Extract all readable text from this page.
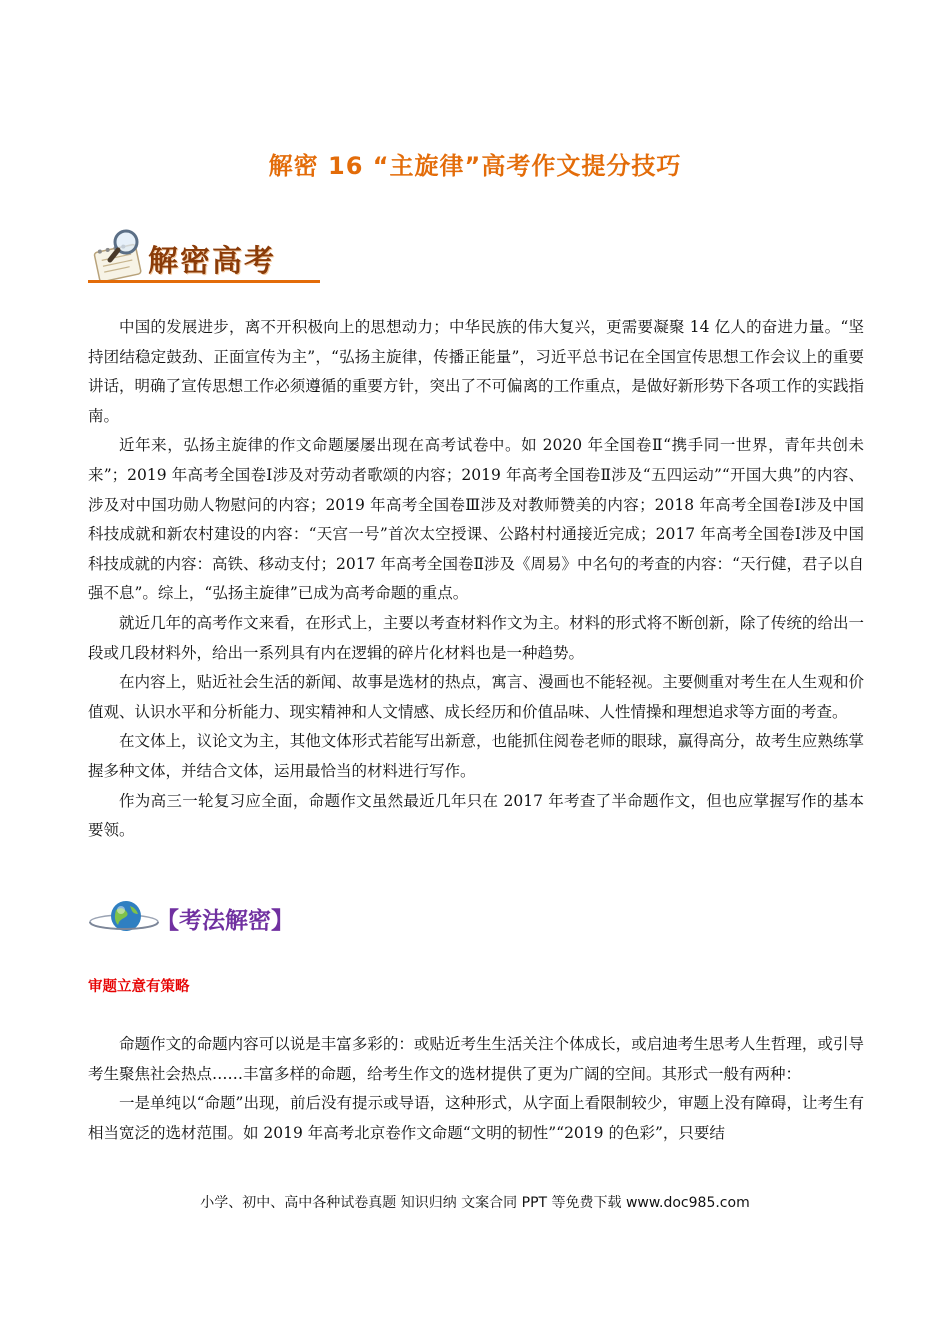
解密 16 “主旋律”高考作文提分技巧
解密高考

中国的发展进步，离不开积极向上的思想动力；中华民族的伟大复兴，更需要凝聚 14 亿人的奋进力量。“坚持团结稳定鼓劲、正面宣传为主”，“弘扬主旋律，传播正能量”，习近平总书记在全国宣传思想工作会议上的重要讲话，明确了宣传思想工作必须遵循的重要方针，突出了不可偏离的工作重点，是做好新形势下各项工作的实践指南。

近年来，弘扬主旋律的作文命题屡屡出现在高考试卷中。如 2020 年全国卷Ⅱ“携手同一世界，青年共创未来”；2019 年高考全国卷Ⅰ涉及对劳动者歌颂的内容；2019 年高考全国卷Ⅱ涉及“五四运动”“开国大典”的内容、涉及对中国功勋人物慰问的内容；2019 年高考全国卷Ⅲ涉及对教师赞美的内容；2018 年高考全国卷Ⅰ涉及中国科技成就和新农村建设的内容：“天宫一号”首次太空授课、公路村村通接近完成；2017 年高考全国卷Ⅰ涉及中国科技成就的内容：高铁、移动支付；2017 年高考全国卷Ⅱ涉及《周易》中名句的考查的内容：“天行健，君子以自强不息”。综上，“弘扬主旋律”已成为高考命题的重点。

就近几年的高考作文来看，在形式上，主要以考查材料作文为主。材料的形式将不断创新，除了传统的给出一段或几段材料外，给出一系列具有内在逻辑的碎片化材料也是一种趋势。

在内容上，贴近社会生活的新闻、故事是选材的热点，寓言、漫画也不能轻视。主要侧重对考生在人生观和价值观、认识水平和分析能力、现实精神和人文情感、成长经历和价值品味、人性情操和理想追求等方面的考查。

在文体上，议论文为主，其他文体形式若能写出新意，也能抓住阅卷老师的眼球，赢得高分，故考生应熟练掌握多种文体，并结合文体，运用最恰当的材料进行写作。

作为高三一轮复习应全面，命题作文虽然最近几年只在 2017 年考查了半命题作文，但也应掌握写作的基本要领。

【考法解密】
审题立意有策略

命题作文的命题内容可以说是丰富多彩的：或贴近考生生活关注个体成长，或启迪考生思考人生哲理，或引导考生聚焦社会热点……丰富多样的命题，给考生作文的选材提供了更为广阔的空间。其形式一般有两种：

一是单纯以“命题”出现，前后没有提示或导语，这种形式，从字面上看限制较少，审题上没有障碍，让考生有相当宽泛的选材范围。如 2019 年高考北京卷作文命题“文明的韧性”“2019 的色彩”，只要结

小学、初中、高中各种试卷真题 知识归纳 文案合同 PPT 等免费下载 www.doc985.com
